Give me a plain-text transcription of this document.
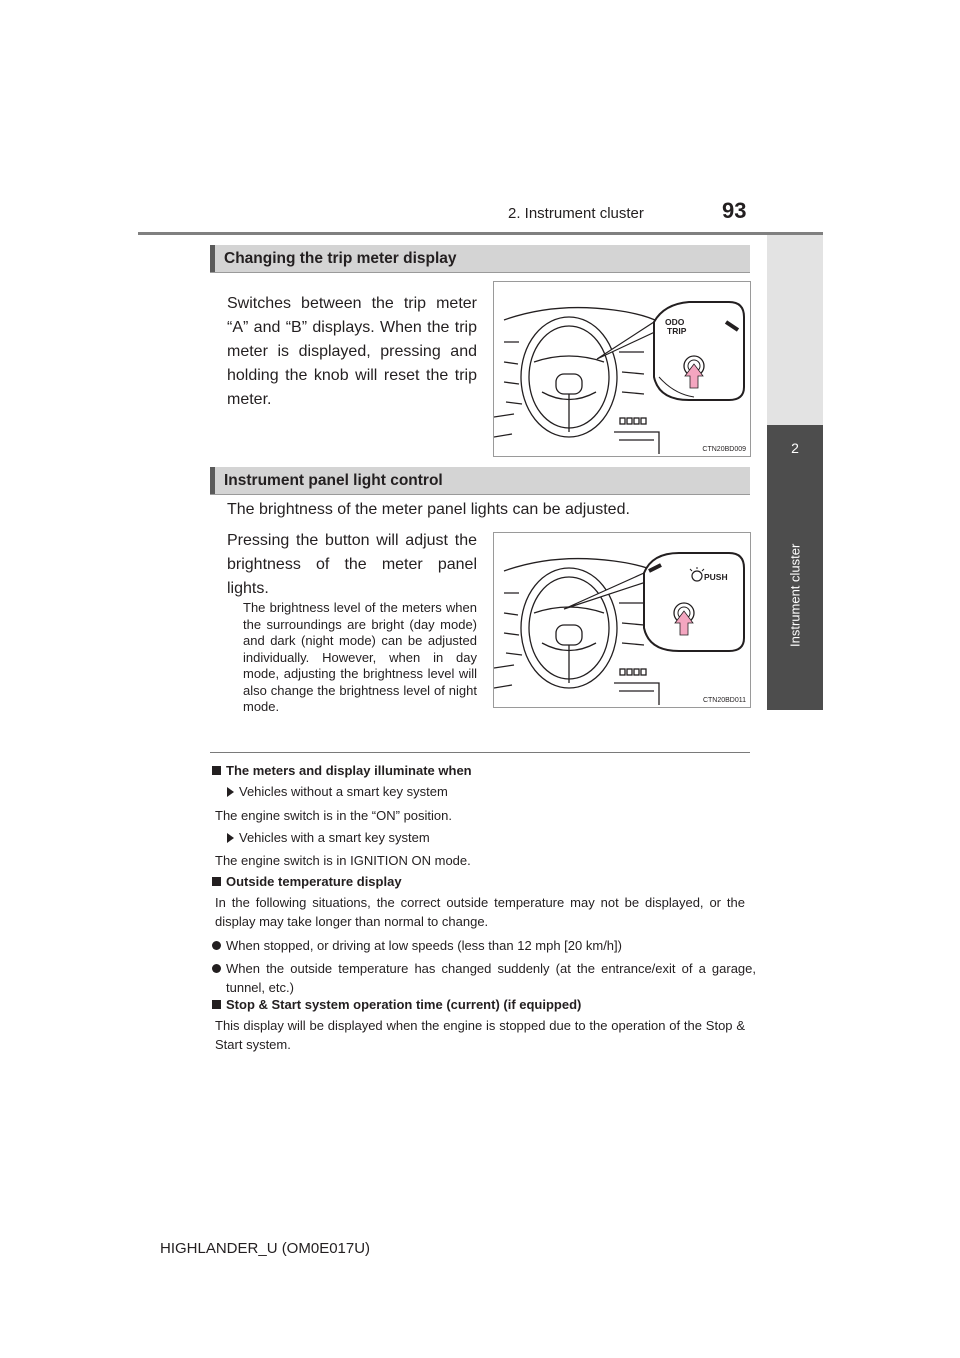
2. Instrument cluster	93
2
Instrument cluster
Changing the trip meter display
Switches between the trip meter “A” and “B” displays. When the trip meter is displayed, pressing and holding the knob will reset the trip meter.
ODO
TRIP
CTN20BD009
Instrument panel light control
The brightness of the meter panel lights can be adjusted.
Pressing the button will adjust the brightness of the meter panel lights.
The brightness level of the meters when the surroundings are bright (day mode) and dark (night mode) can be adjusted individually. However, when in day mode, adjusting the brightness level will also change the brightness level of night mode.
PUSH
CTN20BD011
The meters and display illuminate when
Vehicles without a smart key system
The engine switch is in the “ON” position.
Vehicles with a smart key system
The engine switch is in IGNITION ON mode.
Outside temperature display
In the following situations, the correct outside temperature may not be displayed, or the display may take longer than normal to change.
When stopped, or driving at low speeds (less than 12 mph [20 km/h])
When the outside temperature has changed suddenly (at the entrance/exit of a garage, tunnel, etc.)
Stop & Start system operation time (current) (if equipped)
This display will be displayed when the engine is stopped due to the operation of the Stop & Start system.
HIGHLANDER_U (OM0E017U)
